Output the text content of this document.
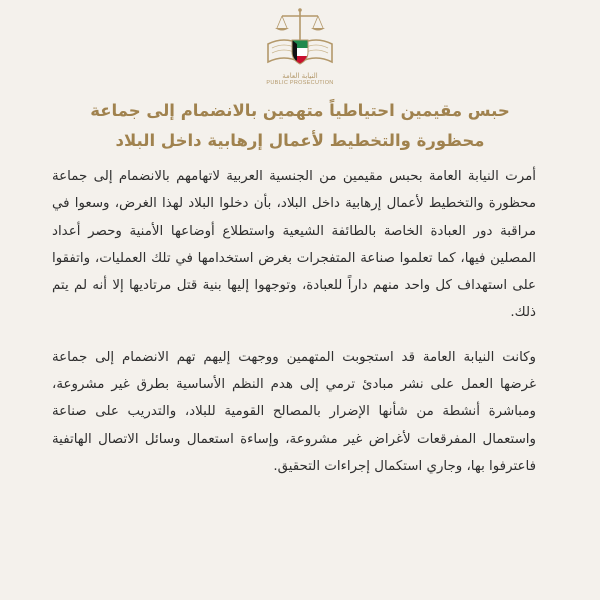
النيابة العامة
PUBLIC PROSECUTION
حبس مقيمين احتياطياً متهمين بالانضمام إلى جماعة
محظورة والتخطيط لأعمال إرهابية داخل البلاد

أمرت النيابة العامة بحبس مقيمين من الجنسية العربية لاتهامهم بالانضمام إلى جماعة محظورة والتخطيط لأعمال إرهابية داخل البلاد، بأن دخلوا البلاد لهذا الغرض، وسعوا في مراقبة دور العبادة الخاصة بالطائفة الشيعية واستطلاع أوضاعها الأمنية وحصر أعداد المصلين فيها، كما تعلموا صناعة المتفجرات بغرض استخدامها في تلك العمليات، واتفقوا على استهداف كل واحد منهم داراً للعبادة، وتوجهوا إليها بنية قتل مرتاديها إلا أنه لم يتم ذلك.

وكانت النيابة العامة قد استجوبت المتهمين ووجهت إليهم تهم الانضمام إلى جماعة غرضها العمل على نشر مبادئ ترمي إلى هدم النظم الأساسية بطرق غير مشروعة، ومباشرة أنشطة من شأنها الإضرار بالمصالح القومية للبلاد، والتدريب على صناعة واستعمال المفرقعات لأغراض غير مشروعة، وإساءة استعمال وسائل الاتصال الهاتفية فاعترفوا بها، وجاري استكمال إجراءات التحقيق.
